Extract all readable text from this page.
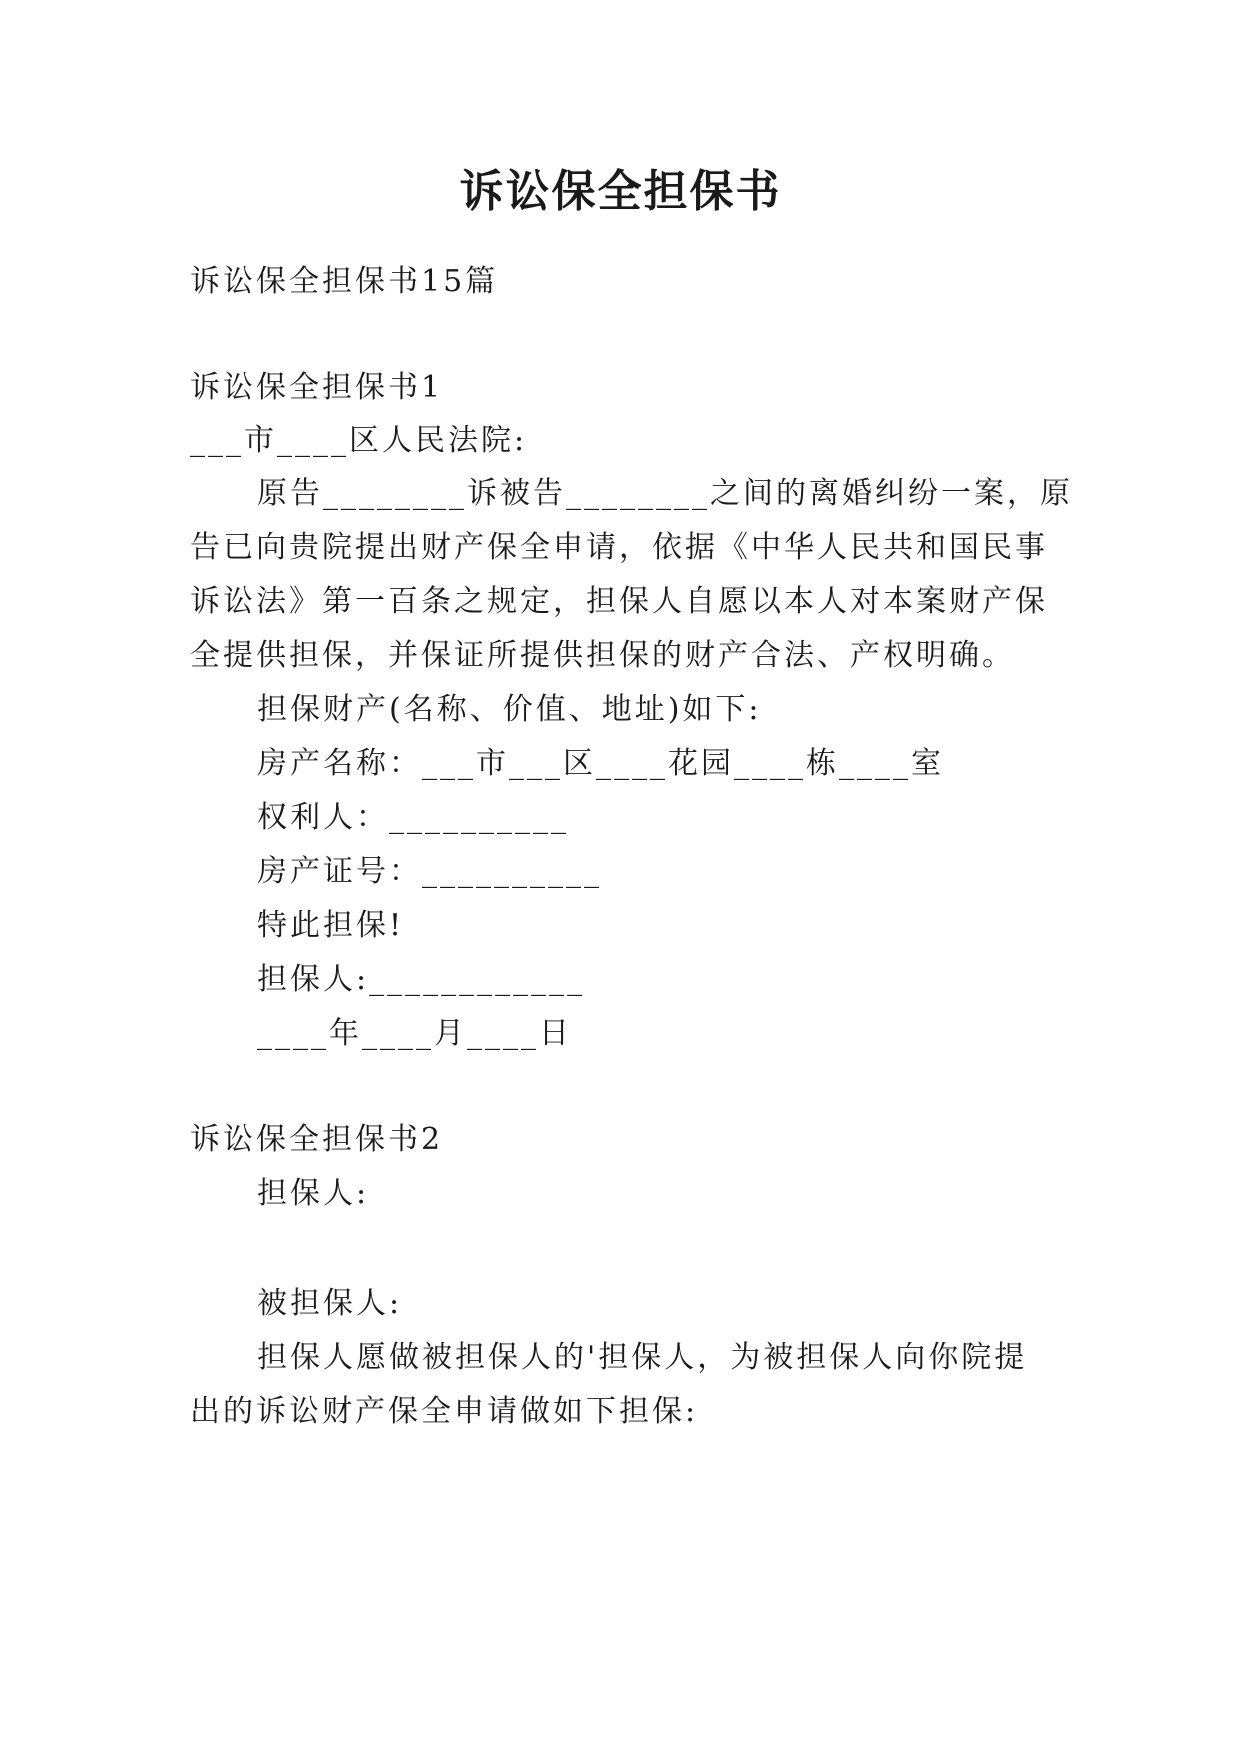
诉讼保全担保书
诉讼保全担保书15篇
诉讼保全担保书1
___市____区人民法院:
原告________诉被告________之间的离婚纠纷一案，原
告已向贵院提出财产保全申请，依据《中华人民共和国民事
诉讼法》第一百条之规定，担保人自愿以本人对本案财产保
全提供担保，并保证所提供担保的财产合法、产权明确。
担保财产(名称、价值、地址)如下:
房产名称：___市___区____花园____栋____室
权利人：__________
房产证号：__________
特此担保!
担保人:____________
____年____月____日
诉讼保全担保书2
担保人:
被担保人:
担保人愿做被担保人的'担保人，为被担保人向你院提
出的诉讼财产保全申请做如下担保:
